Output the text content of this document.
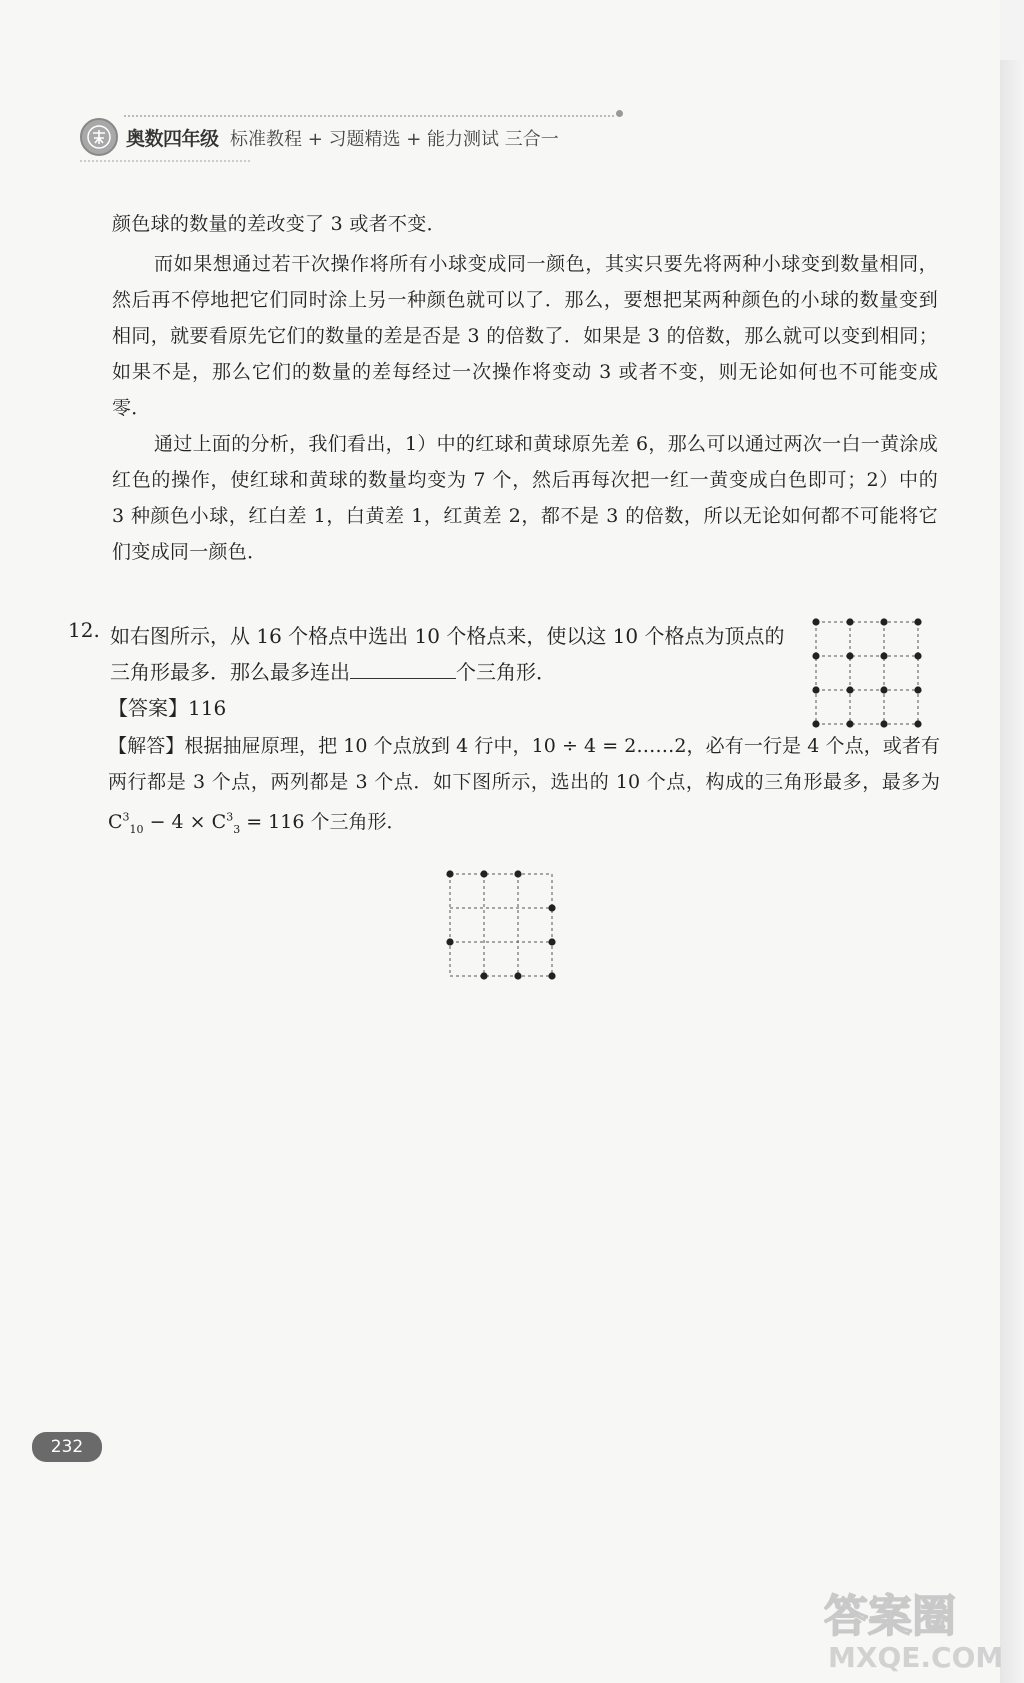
奥数四年级 标准教程 + 习题精选 + 能力测试 三合一

颜色球的数量的差改变了 3 或者不变．

而如果想通过若干次操作将所有小球变成同一颜色，其实只要先将两种小球变到数量相同，然后再不停地把它们同时涂上另一种颜色就可以了．那么，要想把某两种颜色的小球的数量变到相同，就要看原先它们的数量的差是否是 3 的倍数了．如果是 3 的倍数，那么就可以变到相同；如果不是，那么它们的数量的差每经过一次操作将变动 3 或者不变，则无论如何也不可能变成零．

通过上面的分析，我们看出，1）中的红球和黄球原先差 6，那么可以通过两次一白一黄涂成红色的操作，使红球和黄球的数量均变为 7 个，然后再每次把一红一黄变成白色即可；2）中的 3 种颜色小球，红白差 1，白黄差 1，红黄差 2，都不是 3 的倍数，所以无论如何都不可能将它们变成同一颜色．

12. 如右图所示，从 16 个格点中选出 10 个格点来，使以这 10 个格点为顶点的三角形最多．那么最多连出	个三角形．

【答案】116

【解答】根据抽屉原理，把 10 个点放到 4 行中，10 ÷ 4 = 2……2，必有一行是 4 个点，或者有两行都是 3 个点，两列都是 3 个点．如下图所示，选出的 10 个点，构成的三角形最多，最多为 $C^3_{10} - 4 \times C^3_3 = 116$ 个三角形．

232
答案圈
MXQE.COM
